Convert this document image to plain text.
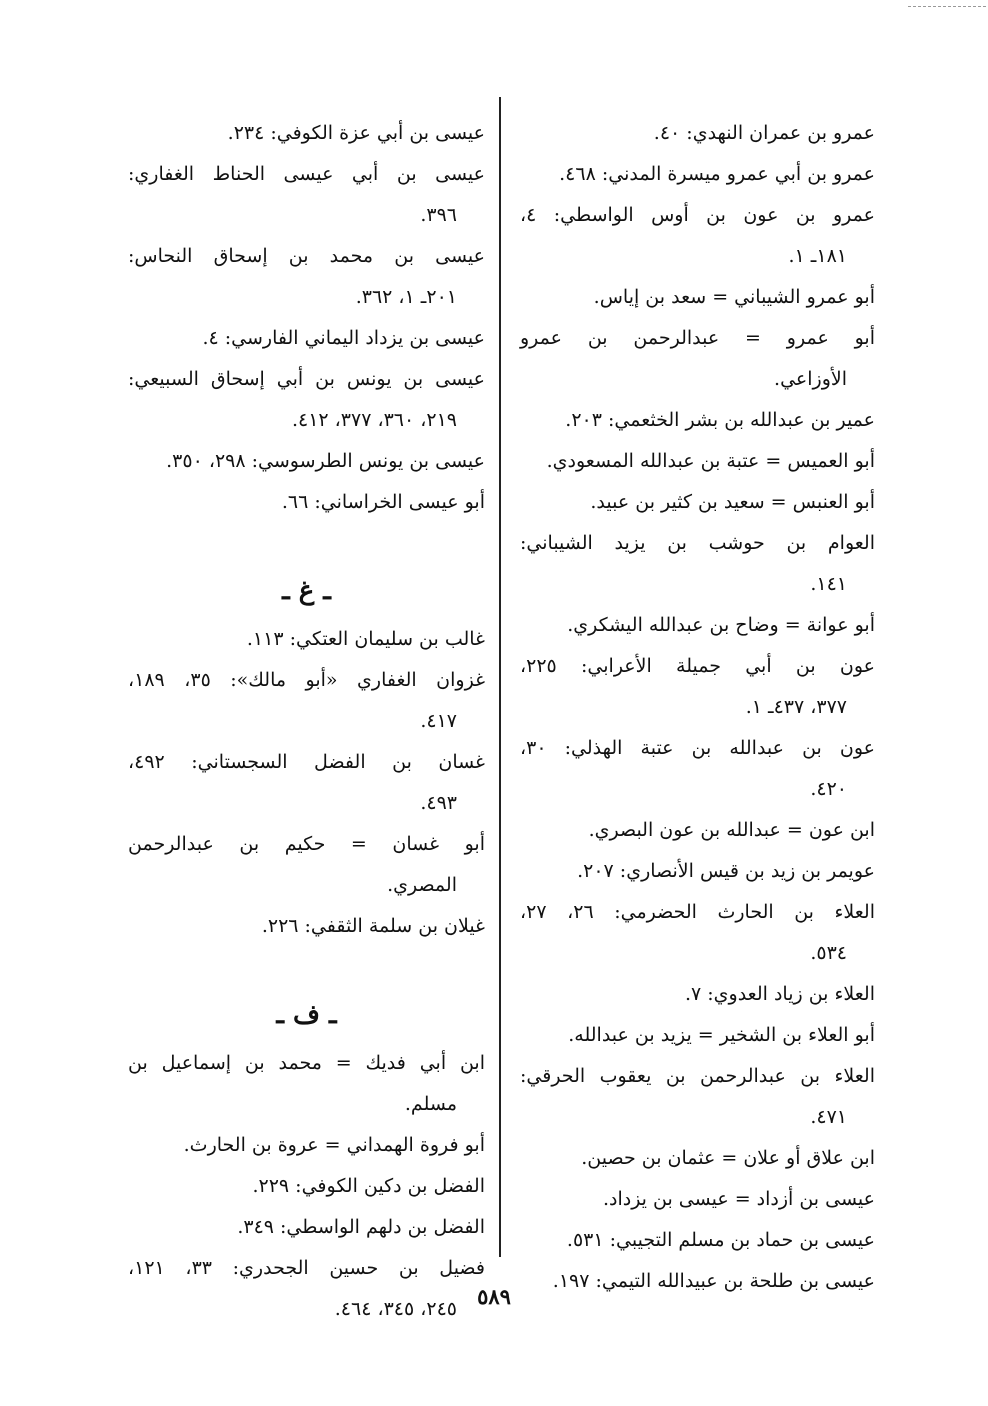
عمرو بن عمران النهدي: ٤٠.
عمرو بن أبي عمرو ميسرة المدني: ٤٦٨.
عمرو بن عون بن أوس الواسطي: ٤،
١٨١ـ ١.
أبو عمرو الشيباني = سعد بن إياس.
أبو عمرو = عبدالرحمن بن عمرو
الأوزاعي.
عمير بن عبدالله بن بشر الخثعمي: ٢٠٣.
أبو العميس = عتبة بن عبدالله المسعودي.
أبو العنبس = سعيد بن كثير بن عبيد.
العوام بن حوشب بن يزيد الشيباني:
١٤١.
أبو عوانة = وضاح بن عبدالله اليشكري.
عون بن أبي جميلة الأعرابي: ٢٢٥،
٣٧٧، ٤٣٧ـ ١.
عون بن عبدالله بن عتبة الهذلي: ٣٠،
٤٢٠.
ابن عون = عبدالله بن عون البصري.
عويمر بن زيد بن قيس الأنصاري: ٢٠٧.
العلاء بن الحارث الحضرمي: ٢٦، ٢٧،
٥٣٤.
العلاء بن زياد العدوي: ٧.
أبو العلاء بن الشخير = يزيد بن عبدالله.
العلاء بن عبدالرحمن بن يعقوب الحرقي:
٤٧١.
ابن علاق أو علان = عثمان بن حصين.
عيسى بن أزداد = عيسى بن يزداد.
عيسى بن حماد بن مسلم التجيبي: ٥٣١.
عيسى بن طلحة بن عبيدالله التيمي: ١٩٧.
عيسى بن أبي عزة الكوفي: ٢٣٤.
عيسى بن أبي عيسى الحناط الغفاري:
٣٩٦.
عيسى بن محمد بن إسحاق النحاس:
٢٠١ـ ١، ٣٦٢.
عيسى بن يزداد اليماني الفارسي: ٤.
عيسى بن يونس بن أبي إسحاق السبيعي:
٢١٩، ٣٦٠، ٣٧٧، ٤١٢.
عيسى بن يونس الطرسوسي: ٢٩٨، ٣٥٠.
أبو عيسى الخراساني: ٦٦.
ـ غ ـ
غالب بن سليمان العتكي: ١١٣.
غزوان الغفاري «أبو مالك»: ٣٥، ١٨٩،
٤١٧.
غسان بن الفضل السجستاني: ٤٩٢،
٤٩٣.
أبو غسان = حكيم بن عبدالرحمن
المصري.
غيلان بن سلمة الثقفي: ٢٢٦.
ـ ف ـ
ابن أبي فديك = محمد بن إسماعيل بن
مسلم.
أبو فروة الهمداني = عروة بن الحارث.
الفضل بن دكين الكوفي: ٢٢٩.
الفضل بن دلهم الواسطي: ٣٤٩.
فضيل بن حسين الجحدري: ٣٣، ١٢١،
٢٤٥، ٣٤٥، ٤٦٤. ٥٨٩
